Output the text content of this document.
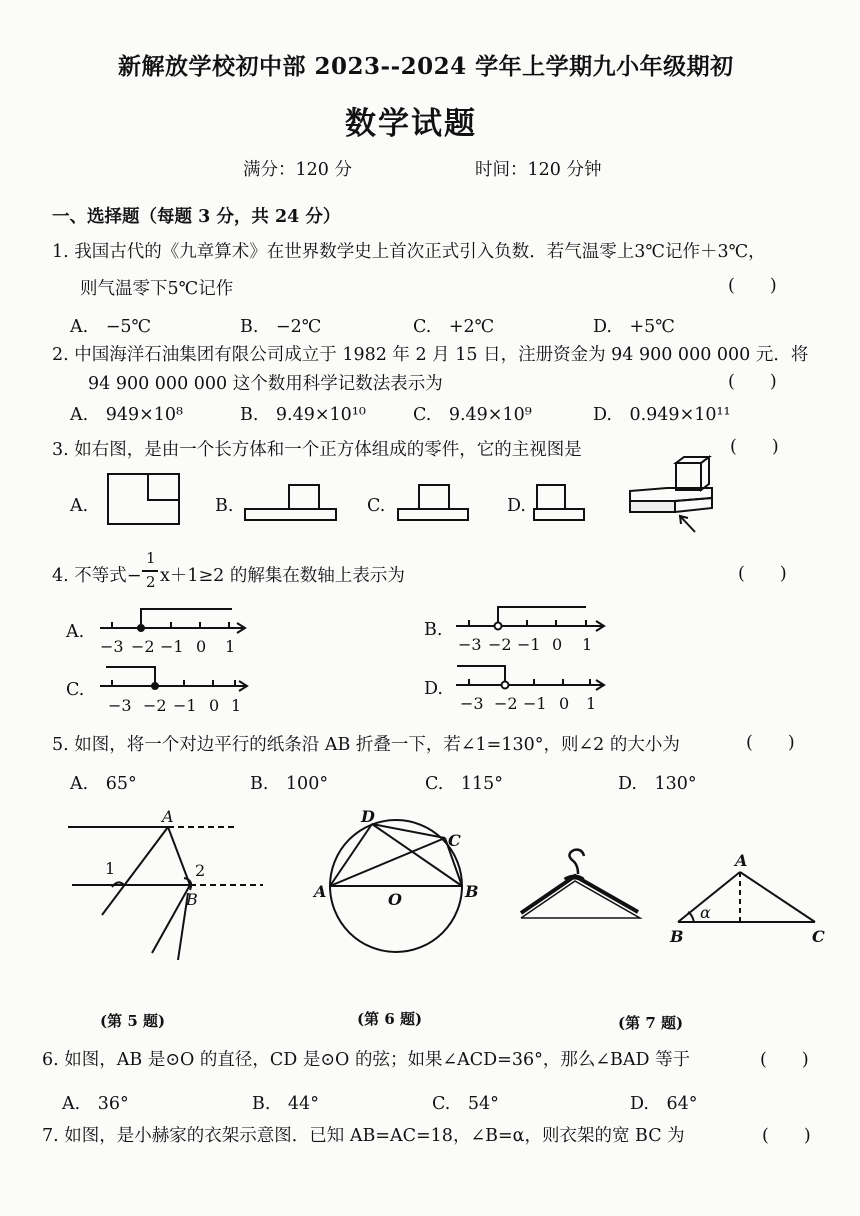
新解放学校初中部 2023--2024 学年上学期九小年级期初
数学试题
满分：120 分	时间：120 分钟
一、选择题（每题 3 分，共 24 分）
1. 我国古代的《九章算术》在世界数学史上首次正式引入负数．若气温零上3℃记作＋3℃，
则气温零下5℃记作	(　　)
A.　−5℃	B.　−2℃	C.　+2℃	D.　+5℃
2. 中国海洋石油集团有限公司成立于 1982 年 2 月 15 日，注册资金为 94 900 000 000 元．将
94 900 000 000 这个数用科学记数法表示为	(　　)
A.　949×10⁸	B.　9.49×10¹⁰	C.　9.49×10⁹	D.　0.949×10¹¹
3. 如右图，是由一个长方体和一个正方体组成的零件，它的主视图是	(　　)
A.	B.	C.	D.
4. 不等式−
1
2 x＋1≥2 的解集在数轴上表示为	(　　)
A.	B.
C.	D.
−3 −2 −1 0 1	−3 −2 −1 0 1
−3 −2 −1 0 1	−3 −2 −1 0 1
5. 如图，将一个对边平行的纸条沿 AB 折叠一下，若∠1=130°，则∠2 的大小为	(　　)
A.　65°	B.　100°	C.　115°	D.　130°
A
B
1	2
D
C
A	B
O
A
B	C
α
(第 5 题)	(第 6 题)	(第 7 题)
6. 如图，AB 是⊙O 的直径，CD 是⊙O 的弦；如果∠ACD=36°，那么∠BAD 等于	(　　)
A.　36°	B.　44°	C.　54°	D.　64°
7. 如图，是小赫家的衣架示意图．已知 AB=AC=18，∠B=α，则衣架的宽 BC 为	(　　)
